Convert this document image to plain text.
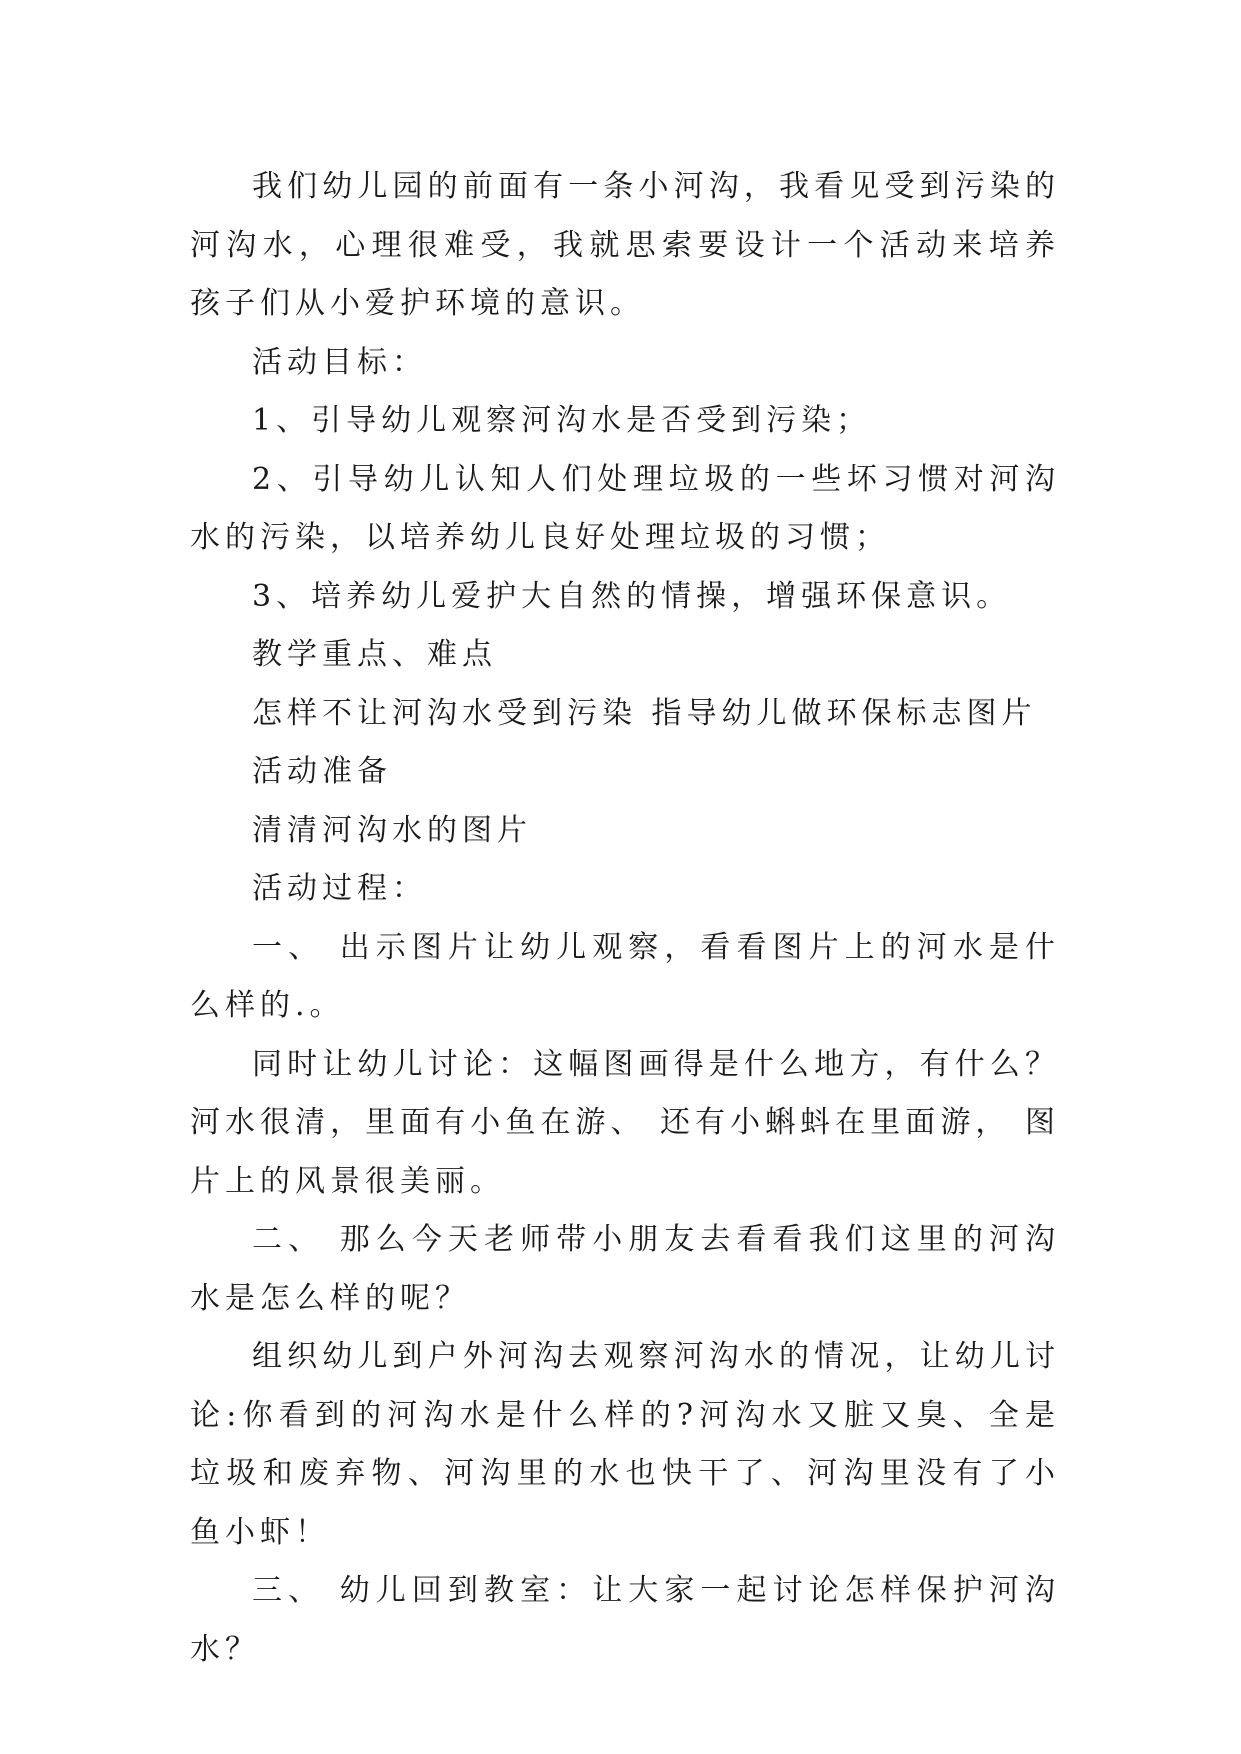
我们幼儿园的前面有一条小河沟，我看见受到污染的河沟水，心理很难受，我就思索要设计一个活动来培养孩子们从小爱护环境的意识。

活动目标：

1、引导幼儿观察河沟水是否受到污染；

2、引导幼儿认知人们处理垃圾的一些坏习惯对河沟水的污染，以培养幼儿良好处理垃圾的习惯；

3、培养幼儿爱护大自然的情操，增强环保意识。

教学重点、难点

怎样不让河沟水受到污染 指导幼儿做环保标志图片

活动准备

清清河沟水的图片

活动过程：

一、 出示图片让幼儿观察，看看图片上的河水是什么样的.。

同时让幼儿讨论：这幅图画得是什么地方，有什么？河水很清，里面有小鱼在游、 还有小蝌蚪在里面游， 图片上的风景很美丽。

二、 那么今天老师带小朋友去看看我们这里的河沟水是怎么样的呢？

组织幼儿到户外河沟去观察河沟水的情况，让幼儿讨论:你看到的河沟水是什么样的?河沟水又脏又臭、全是垃圾和废弃物、河沟里的水也快干了、河沟里没有了小鱼小虾！

三、 幼儿回到教室：让大家一起讨论怎样保护河沟水？
